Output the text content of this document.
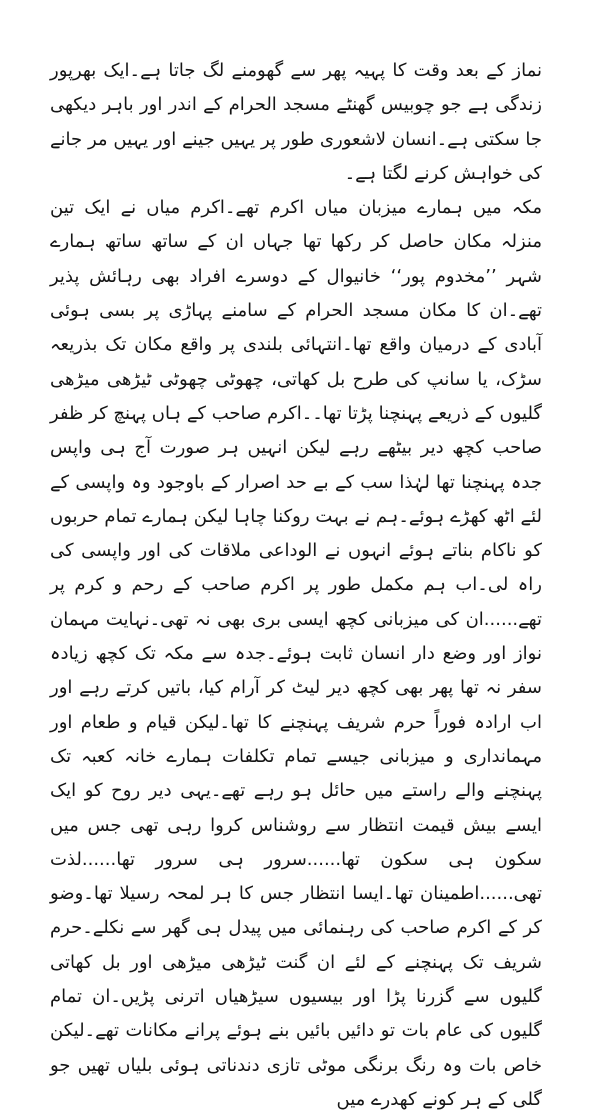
نماز کے بعد وقت کا پہیہ پھر سے گھومنے لگ جاتا ہے۔ایک بھرپور زندگی ہے جو چوبیس گھنٹے مسجد الحرام کے اندر اور باہر دیکھی جا سکتی ہے۔انسان لاشعوری طور پر یہیں جینے اور یہیں مر جانے کی خواہش کرنے لگتا ہے۔

مکہ میں ہمارے میزبان میاں اکرم تھے۔اکرم میاں نے ایک تین منزلہ مکان حاصل کر رکھا تھا جہاں ان کے ساتھ ساتھ ہمارے شہر ’’مخدوم پور‘‘ خانیوال کے دوسرے افراد بھی رہائش پذیر تھے۔ان کا مکان مسجد الحرام کے سامنے پہاڑی پر بسی ہوئی آبادی کے درمیان واقع تھا۔انتہائی بلندی پر واقع مکان تک بذریعہ سڑک، یا سانپ کی طرح بل کھاتی، چھوٹی چھوٹی ٹیڑھی میڑھی گلیوں کے ذریعے پہنچنا پڑتا تھا۔۔اکرم صاحب کے ہاں پہنچ کر ظفر صاحب کچھ دیر بیٹھے رہے لیکن انہیں ہر صورت آج ہی واپس جدہ پہنچنا تھا لہٰذا سب کے بے حد اصرار کے باوجود وہ واپسی کے لئے اٹھ کھڑے ہوئے۔ہم نے بہت روکنا چاہا لیکن ہمارے تمام حربوں کو ناکام بناتے ہوئے انہوں نے الوداعی ملاقات کی اور واپسی کی راہ لی۔اب ہم مکمل طور پر اکرم صاحب کے رحم و کرم پر تھے......ان کی میزبانی کچھ ایسی بری بھی نہ تھی۔نہایت مہمان نواز اور وضع دار انسان ثابت ہوئے۔جدہ سے مکہ تک کچھ زیادہ سفر نہ تھا پھر بھی کچھ دیر لیٹ کر آرام کیا، باتیں کرتے رہے اور اب ارادہ فوراً حرم شریف پہنچنے کا تھا۔لیکن قیام و طعام اور مہمانداری و میزبانی جیسے تمام تکلفات ہمارے خانہ کعبہ تک پہنچنے والے راستے میں حائل ہو رہے تھے۔یہی دیر روح کو ایک ایسے بیش قیمت انتظار سے روشناس کروا رہی تھی جس میں سکون ہی سکون تھا......سرور ہی سرور تھا......لذت تھی......اطمینان تھا۔ایسا انتظار جس کا ہر لمحہ رسیلا تھا۔وضو کر کے اکرم صاحب کی رہنمائی میں پیدل ہی گھر سے نکلے۔حرم شریف تک پہنچنے کے لئے ان گنت ٹیڑھی میڑھی اور بل کھاتی گلیوں سے گزرنا پڑا اور بیسیوں سیڑھیاں اترنی پڑیں۔ان تمام گلیوں کی عام بات تو دائیں بائیں بنے ہوئے پرانے مکانات تھے۔لیکن خاص بات وہ رنگ برنگی موٹی تازی دندناتی ہوئی بلیاں تھیں جو گلی کے ہر کونے کھدرے میں
